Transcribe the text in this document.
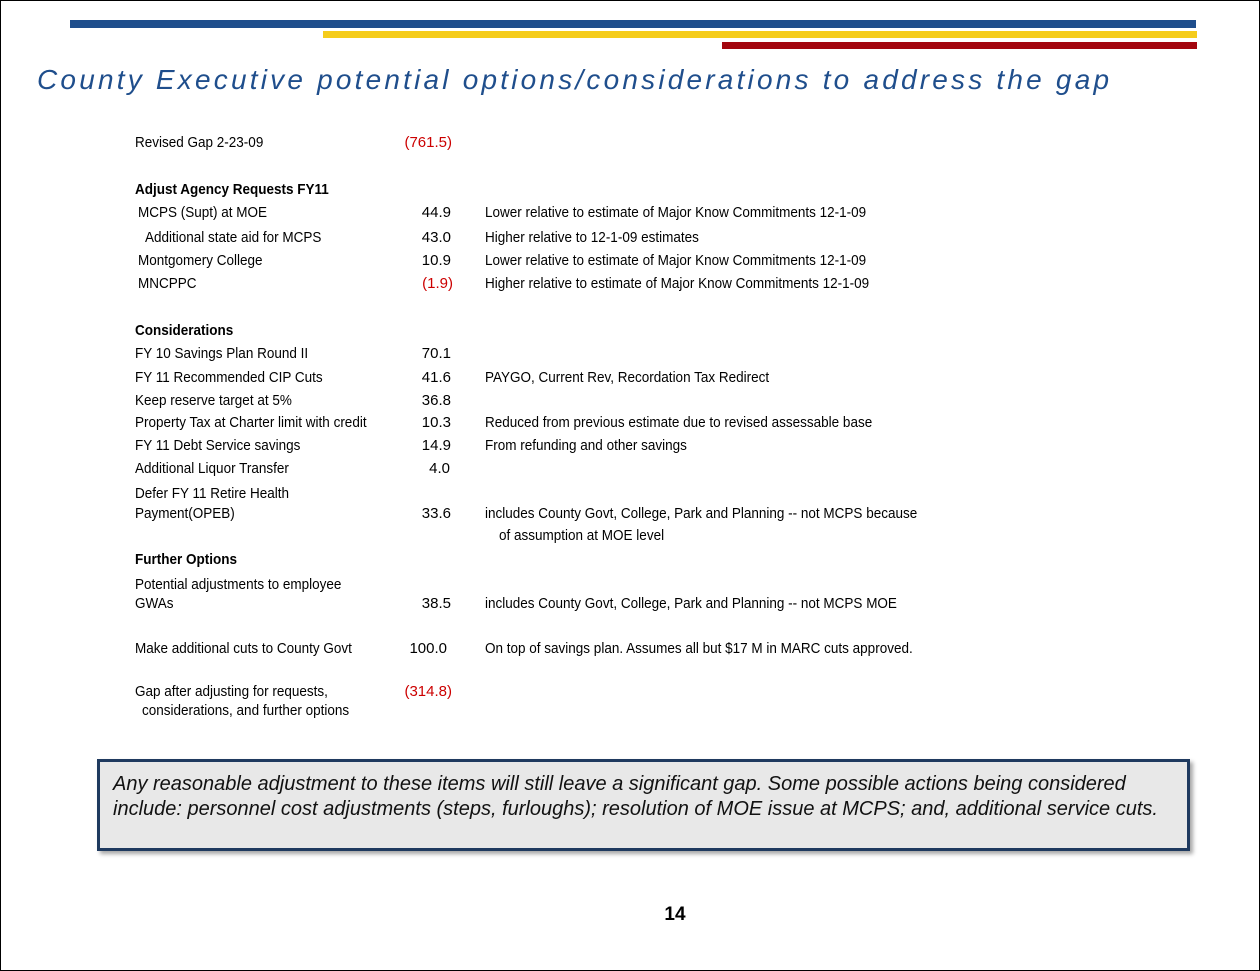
County Executive potential options/considerations to address the gap
Revised Gap 2-23-09	(761.5)
Adjust Agency Requests FY11
MCPS (Supt) at MOE	44.9 Lower relative to estimate of Major Know Commitments 12-1-09
Additional state aid for MCPS	43.0 Higher relative to 12-1-09 estimates
Montgomery College	10.9 Lower relative to estimate of Major Know Commitments 12-1-09
MNCPPC	(1.9) Higher relative to estimate of Major Know Commitments 12-1-09
Considerations
FY 10 Savings Plan Round II	70.1
FY 11 Recommended CIP Cuts	41.6 PAYGO, Current Rev, Recordation Tax Redirect
Keep reserve target at 5%	36.8
Property Tax at Charter limit with credit	10.3 Reduced from previous estimate due to revised assessable base
FY 11 Debt Service savings	14.9 From refunding and other savings
Additional Liquor Transfer	4.0
Defer FY 11 Retire Health
Payment(OPEB)	33.6 includes County Govt, College, Park and Planning -- not MCPS because
of assumption at MOE level
Further Options
Potential adjustments to employee
GWAs	38.5 includes County Govt, College, Park and Planning -- not MCPS MOE
Make additional cuts to County Govt	100.0	On top of savings plan. Assumes all but $17 M in MARC cuts approved.
Gap after adjusting for requests,
considerations, and further options
(314.8)
Any reasonable adjustment to these items will still leave a significant gap. Some possible actions being considered include: personnel cost adjustments (steps, furloughs); resolution of MOE issue at MCPS; and, additional service cuts.
14
